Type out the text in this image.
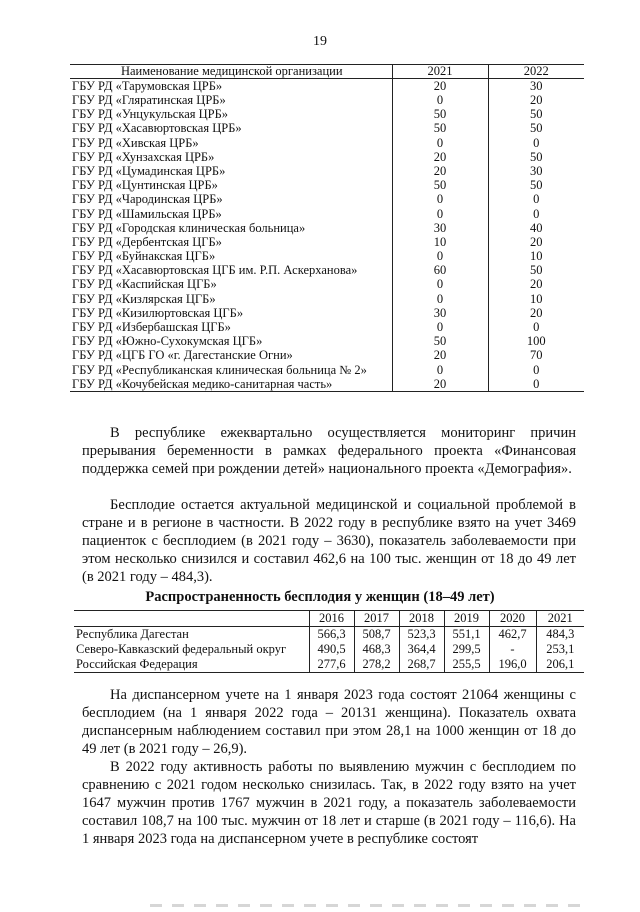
19
Наименование медицинской организации	2021	2022
ГБУ РД «Тарумовская ЦРБ»	20	30
ГБУ РД «Гляратинская ЦРБ»	0	20
ГБУ РД «Унцукульская ЦРБ»	50	50
ГБУ РД «Хасавюртовская ЦРБ»	50	50
ГБУ РД «Хивская ЦРБ»	0	0
ГБУ РД «Хунзахская ЦРБ»	20	50
ГБУ РД «Цумадинская ЦРБ»	20	30
ГБУ РД «Цунтинская ЦРБ»	50	50
ГБУ РД «Чародинская ЦРБ»	0	0
ГБУ РД «Шамильская ЦРБ»	0	0
ГБУ РД «Городская клиническая больница»	30	40
ГБУ РД «Дербентская ЦГБ»	10	20
ГБУ РД «Буйнакская ЦГБ»	0	10
ГБУ РД «Хасавюртовская ЦГБ им. Р.П. Аскерханова»	60	50
ГБУ РД «Каспийская ЦГБ»	0	20
ГБУ РД «Кизлярская ЦГБ»	0	10
ГБУ РД «Кизилюртовская ЦГБ»	30	20
ГБУ РД «Избербашская ЦГБ»	0	0
ГБУ РД «Южно-Сухокумская ЦГБ»	50	100
ГБУ РД «ЦГБ ГО «г. Дагестанские Огни»	20	70
ГБУ РД «Республиканская клиническая больница № 2»	0	0
ГБУ РД «Кочубейская медико-санитарная часть»	20	0

В республике ежеквартально осуществляется мониторинг причин прерывания беременности в рамках федерального проекта «Финансовая поддержка семей при рождении детей» национального проекта «Демография».

Бесплодие остается актуальной медицинской и социальной проблемой в стране и в регионе в частности. В 2022 году в республике взято на учет 3469 пациенток с бесплодием (в 2021 году – 3630), показатель заболеваемости при этом несколько снизился и составил 462,6 на 100 тыс. женщин от 18 до 49 лет (в 2021 году – 484,3).

Распространенность бесплодия у женщин (18–49 лет)
	2016	2017	2018	2019	2020	2021
Республика Дагестан	566,3	508,7	523,3	551,1	462,7	484,3
Северо-Кавказский федеральный округ	490,5	468,3	364,4	299,5	-	253,1
Российская Федерация	277,6	278,2	268,7	255,5	196,0	206,1

На диспансерном учете на 1 января 2023 года состоят 21064 женщины с бесплодием (на 1 января 2022 года – 20131 женщина). Показатель охвата диспансерным наблюдением составил при этом 28,1 на 1000 женщин от 18 до 49 лет (в 2021 году – 26,9).

В 2022 году активность работы по выявлению мужчин с бесплодием по сравнению с 2021 годом несколько снизилась. Так, в 2022 году взято на учет 1647 мужчин против 1767 мужчин в 2021 году, а показатель заболеваемости составил 108,7 на 100 тыс. мужчин от 18 лет и старше (в 2021 году – 116,6). На 1 января 2023 года на диспансерном учете в республике состоят
